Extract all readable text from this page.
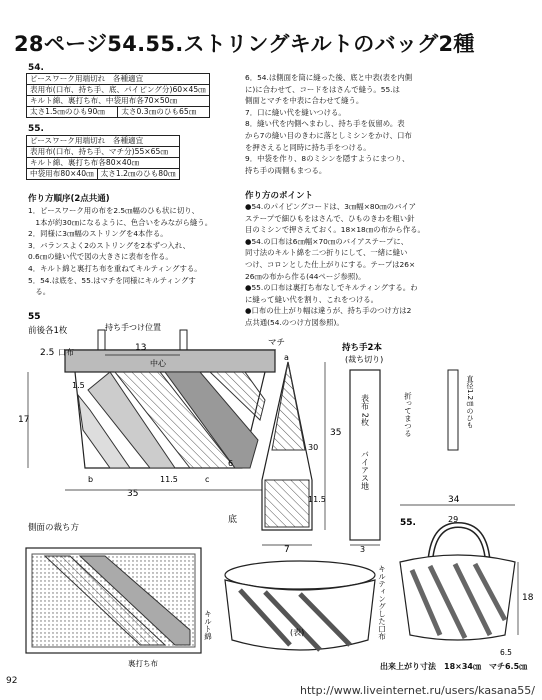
28ページ54.55.ストリングキルトのバッグ2種
54.
ピースワーク用端切れ　各種適宜
表用布(口布、持ち手、底、パイピング分)60×45㎝
キルト綿、裏打ち布、中袋用布各70×50㎝
太さ1.5㎝のひも90㎝	太さ0.3㎝のひも65㎝
55.
ピースワーク用端切れ　各種適宜
表用布(口布、持ち手、マチ分)55×65㎝
キルト綿、裏打ち布各80×40㎝
中袋用布80×40㎝	太さ1.2㎝のひも80㎝
作り方順序(2点共通)
1．ピースワーク用の布を2.5㎝幅のひも状に切り、
　1本が約30㎝になるように、色合いをみながら縫う。
2．同様に3㎝幅のストリングを4本作る。
3．バランスよく2のストリングを2本ずつ入れ、
0.6㎝の縫い代で図の大きさに表布を作る。
4．キルト綿と裏打ち布を重ねてキルティングする。
5．54.は底を、55.はマチを同様にキルティングす
　る。
6．54.は側面を筒に縫った後、底と中表(表を内側
に)に合わせて、コードをはさんで縫う。55.は
側面とマチを中表に合わせて縫う。
7．口に縫い代を縫いつける。
8．縫い代を内側へまわし、持ち手を仮留め。表
から7の縫い目のきわに落としミシンをかけ、口布
を押さえると同時に持ち手をつける。
9．中袋を作り、8のミシンを隠すようにまつり、
持ち手の両側もまつる。
作り方のポイント
●54.のパイピングコードは、3㎝幅×80㎝のバイア
ステープで細ひもをはさんで、ひものきわを粗い針
目のミシンで押さえておく。18×18㎝の布から作る。
●54.の口布は6㎝幅×70㎝のバイアステープに、
同寸法のキルト綿を二つ折りにして、一緒に縫い
つけ、コロンとした仕上がりにする。テープは26×
26㎝の布から作る(44ページ参照)。
●55.の口布は裏打ち布なしでキルティングする。わ
に縫って縫い代を割り、これをつける。
●口布の仕上がり幅は違うが、持ち手のつけ方は2
点共通(54.のつけ方図参照)。
55
前後各1枚	持ち手つけ位置
2.5 口布	13
中心
1.5
17
6
11.5
b	c
35
マチ
a
35
30
11.5
底
7
持ち手2本
(裁ち切り)
表布 2枚
バイアス地
3
折ってまつる	直径1.2㎝のひも
側面の裁ち方
キルト綿
裏打ち布
(表)	キルティングした口布
55.
34
29
18
6.5
出来上がり寸法　18×34㎝　マチ6.5㎝
92
http://www.liveinternet.ru/users/kasana55/
